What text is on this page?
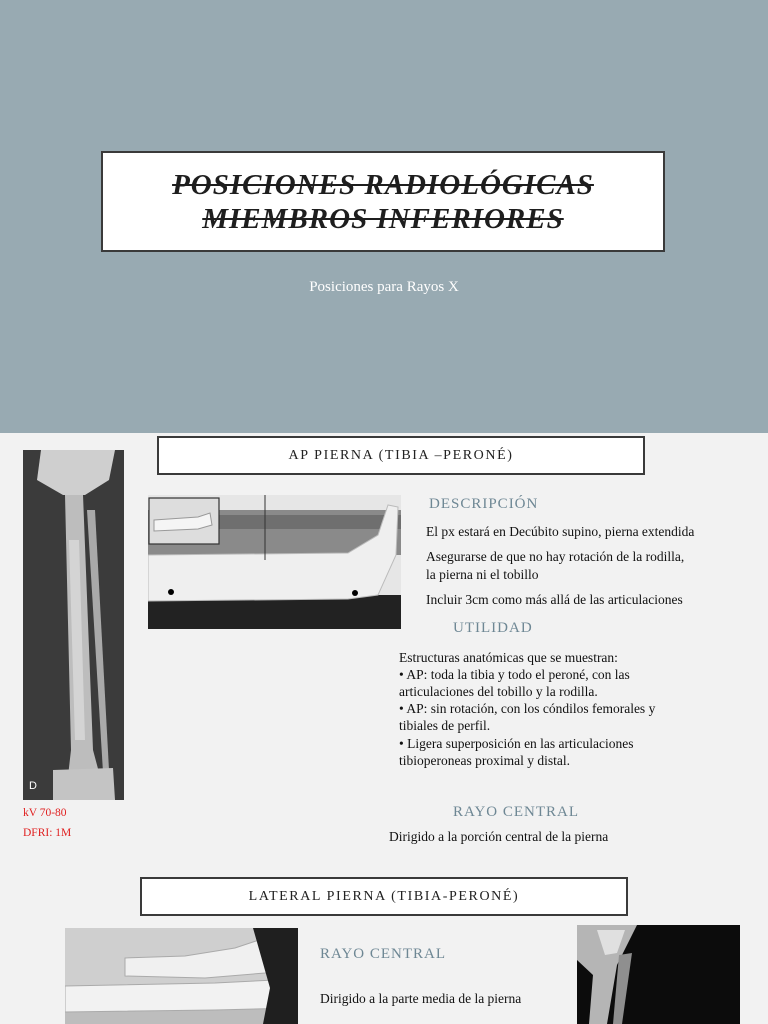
POSICIONES RADIOLÓGICAS
MIEMBROS INFERIORES
Posiciones para Rayos X
AP PIERNA (TIBIA –PERONÉ)
D
kV 70-80
DFRI: 1M
DESCRIPCIÓN
El px estará en Decúbito supino, pierna extendida
Asegurarse de que no hay rotación de la rodilla,
la pierna ni el tobillo
Incluir 3cm como más allá de las articulaciones
UTILIDAD
Estructuras anatómicas que se muestran:
• AP: toda la tibia y todo el peroné, con las
articulaciones del tobillo y la rodilla.
• AP: sin rotación, con los cóndilos femorales y
tibiales de perfil.
• Ligera superposición en las articulaciones
tibioperoneas proximal y distal.
RAYO CENTRAL
Dirigido a la porción central de la pierna
LATERAL PIERNA (TIBIA-PERONÉ)
RAYO CENTRAL
Dirigido a la parte media de la pierna
